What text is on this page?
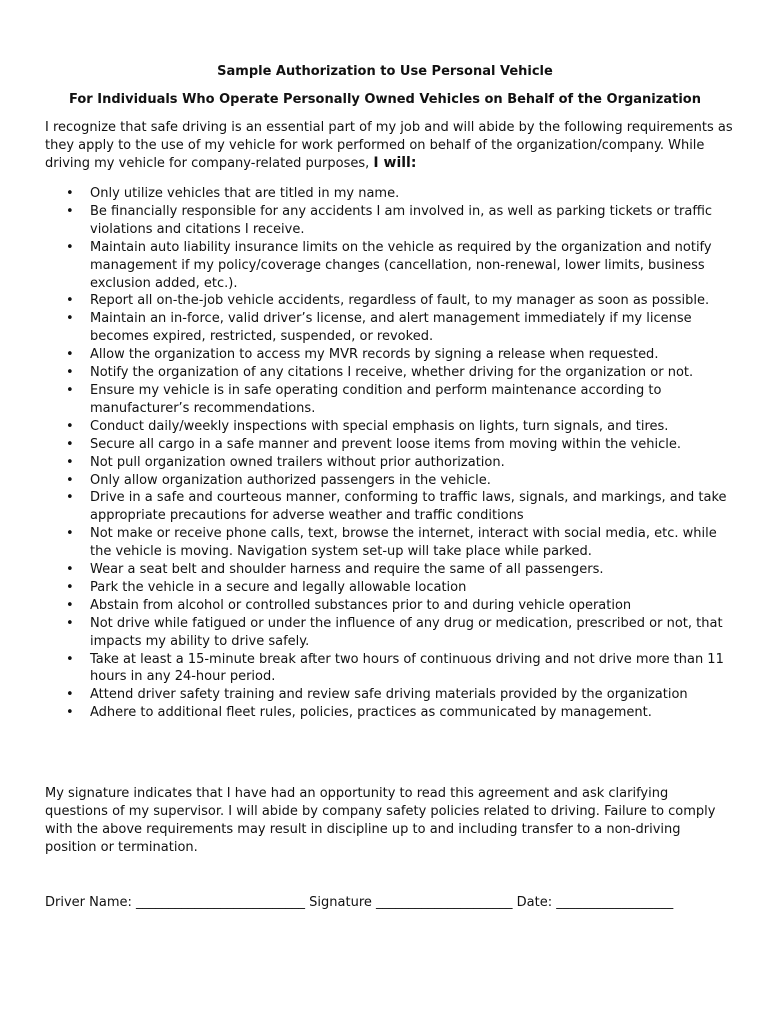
Sample Authorization to Use Personal Vehicle
For Individuals Who Operate Personally Owned Vehicles on Behalf of the Organization
I recognize that safe driving is an essential part of my job and will abide by the following requirements as they apply to the use of my vehicle for work performed on behalf of the organization/company. While driving my vehicle for company-related purposes, I will:
• Only utilize vehicles that are titled in my name.
• Be financially responsible for any accidents I am involved in, as well as parking tickets or traffic violations and citations I receive.
• Maintain auto liability insurance limits on the vehicle as required by the organization and notify management if my policy/coverage changes (cancellation, non-renewal, lower limits, business exclusion added, etc.).
• Report all on-the-job vehicle accidents, regardless of fault, to my manager as soon as possible.
• Maintain an in-force, valid driver’s license, and alert management immediately if my license becomes expired, restricted, suspended, or revoked.
• Allow the organization to access my MVR records by signing a release when requested.
• Notify the organization of any citations I receive, whether driving for the organization or not.
• Ensure my vehicle is in safe operating condition and perform maintenance according to manufacturer’s recommendations.
• Conduct daily/weekly inspections with special emphasis on lights, turn signals, and tires.
• Secure all cargo in a safe manner and prevent loose items from moving within the vehicle.
• Not pull organization owned trailers without prior authorization.
• Only allow organization authorized passengers in the vehicle.
• Drive in a safe and courteous manner, conforming to traffic laws, signals, and markings, and take appropriate precautions for adverse weather and traffic conditions
• Not make or receive phone calls, text, browse the internet, interact with social media, etc. while the vehicle is moving. Navigation system set-up will take place while parked.
• Wear a seat belt and shoulder harness and require the same of all passengers.
• Park the vehicle in a secure and legally allowable location
• Abstain from alcohol or controlled substances prior to and during vehicle operation
• Not drive while fatigued or under the influence of any drug or medication, prescribed or not, that impacts my ability to drive safely.
• Take at least a 15-minute break after two hours of continuous driving and not drive more than 11 hours in any 24-hour period.
• Attend driver safety training and review safe driving materials provided by the organization
• Adhere to additional fleet rules, policies, practices as communicated by management.
My signature indicates that I have had an opportunity to read this agreement and ask clarifying questions of my supervisor. I will abide by company safety policies related to driving. Failure to comply with the above requirements may result in discipline up to and including transfer to a non-driving position or termination.
Driver Name: __________________________ Signature _____________________ Date: __________________
